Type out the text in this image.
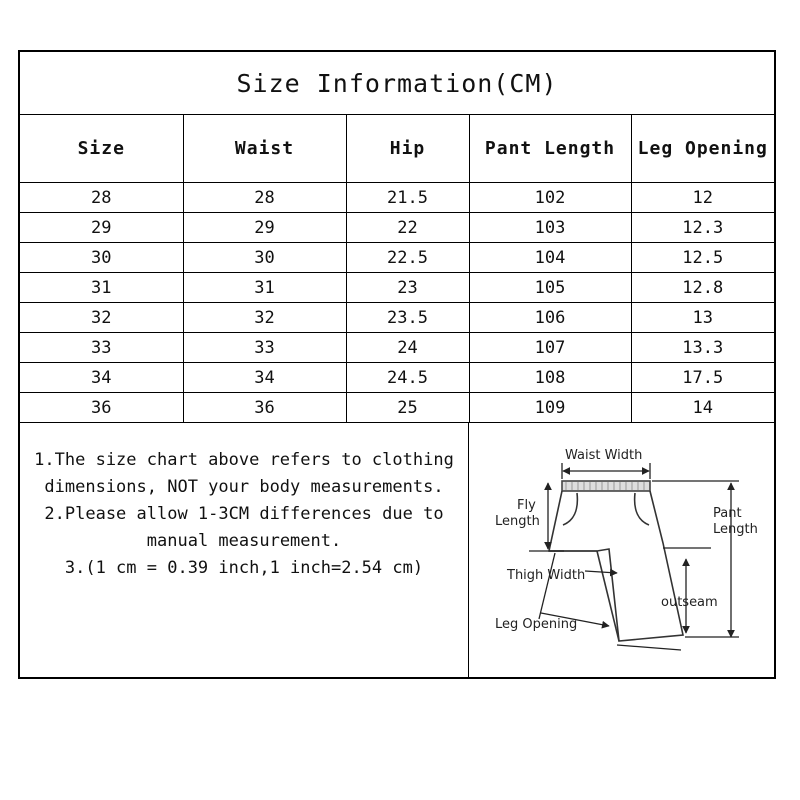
Size Information(CM)
Size	Waist	Hip	Pant Length	Leg Opening
28	28	21.5	102	12
29	29	22	103	12.3
30	30	22.5	104	12.5
31	31	23	105	12.8
32	32	23.5	106	13
33	33	24	107	13.3
34	34	24.5	108	17.5
36	36	25	109	14
1.The size chart above refers to clothing dimensions, NOT your body measurements.
2.Please allow 1-3CM differences due to manual measurement.
3.(1 cm = 0.39 inch,1 inch=2.54 cm)
Waist Width
Fly
Length
Pant
Length
Thigh Width
outseam
Leg Opening
